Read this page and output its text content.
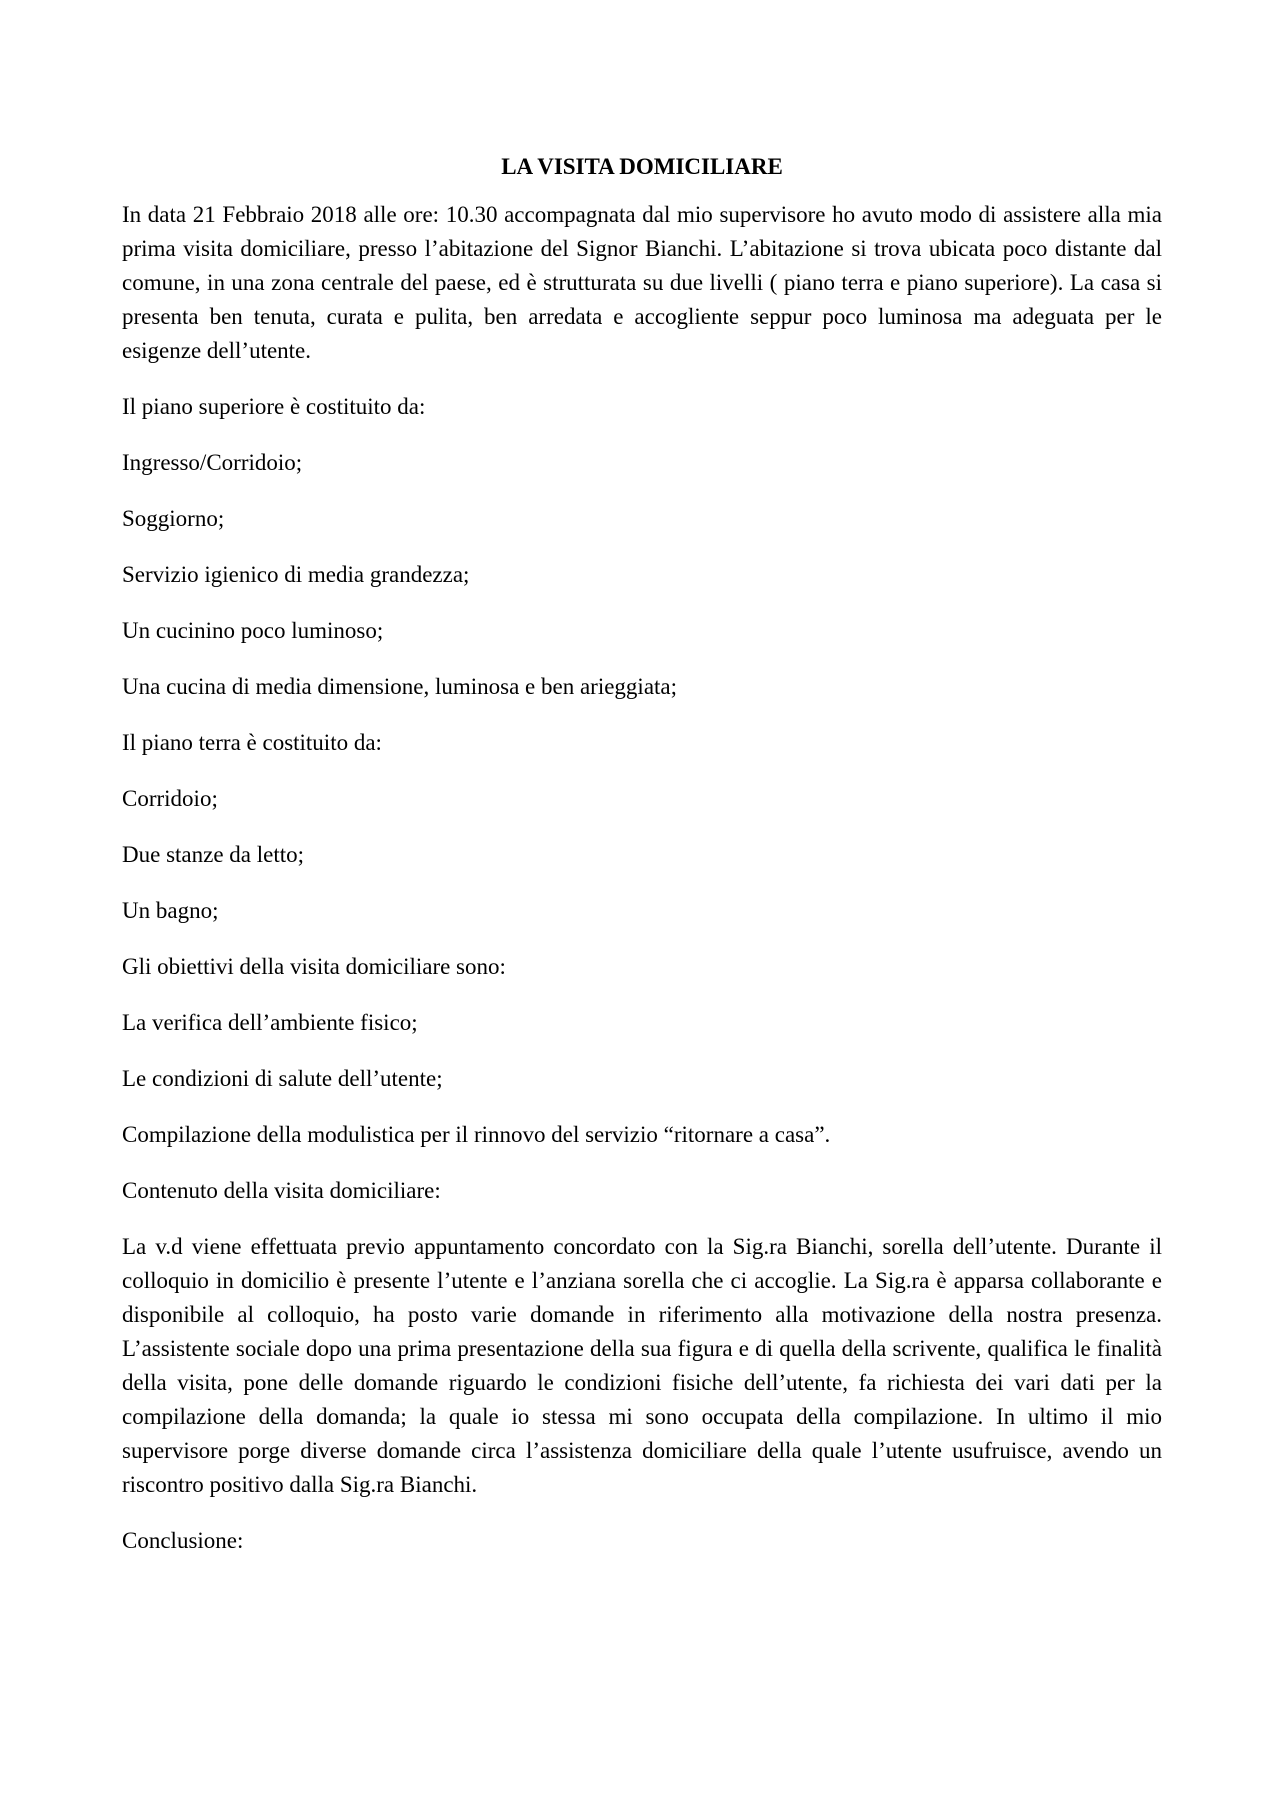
LA VISITA DOMICILIARE

In data 21 Febbraio 2018 alle ore: 10.30 accompagnata dal mio supervisore ho avuto modo di assistere alla mia prima visita domiciliare, presso l’abitazione del Signor Bianchi. L’abitazione si trova ubicata poco distante dal comune, in una zona centrale del paese, ed è strutturata su due livelli ( piano terra e piano superiore). La casa si presenta ben tenuta, curata e pulita, ben arredata e accogliente seppur poco luminosa ma adeguata per le esigenze dell’utente.

Il piano superiore è costituito da:

Ingresso/Corridoio;

Soggiorno;

Servizio igienico di media grandezza;

Un cucinino poco luminoso;

Una cucina di media dimensione, luminosa e ben arieggiata;

Il piano terra è costituito da:

Corridoio;

Due stanze da letto;

Un bagno;

Gli obiettivi della visita domiciliare sono:

La verifica dell’ambiente fisico;

Le condizioni di salute dell’utente;

Compilazione della modulistica per il rinnovo del servizio “ritornare a casa”.

Contenuto della visita domiciliare:

La v.d viene effettuata previo appuntamento concordato con la Sig.ra Bianchi, sorella dell’utente. Durante il colloquio in domicilio è presente l’utente e l’anziana sorella che ci accoglie. La Sig.ra è apparsa collaborante e disponibile al colloquio, ha posto varie domande in riferimento alla motivazione della nostra presenza. L’assistente sociale dopo una prima presentazione della sua figura e di quella della scrivente, qualifica le finalità della visita, pone delle domande riguardo le condizioni fisiche dell’utente, fa richiesta dei vari dati per la compilazione della domanda; la quale io stessa mi sono occupata della compilazione. In ultimo il mio supervisore porge diverse domande circa l’assistenza domiciliare della quale l’utente usufruisce, avendo un riscontro positivo dalla Sig.ra Bianchi.

Conclusione:
